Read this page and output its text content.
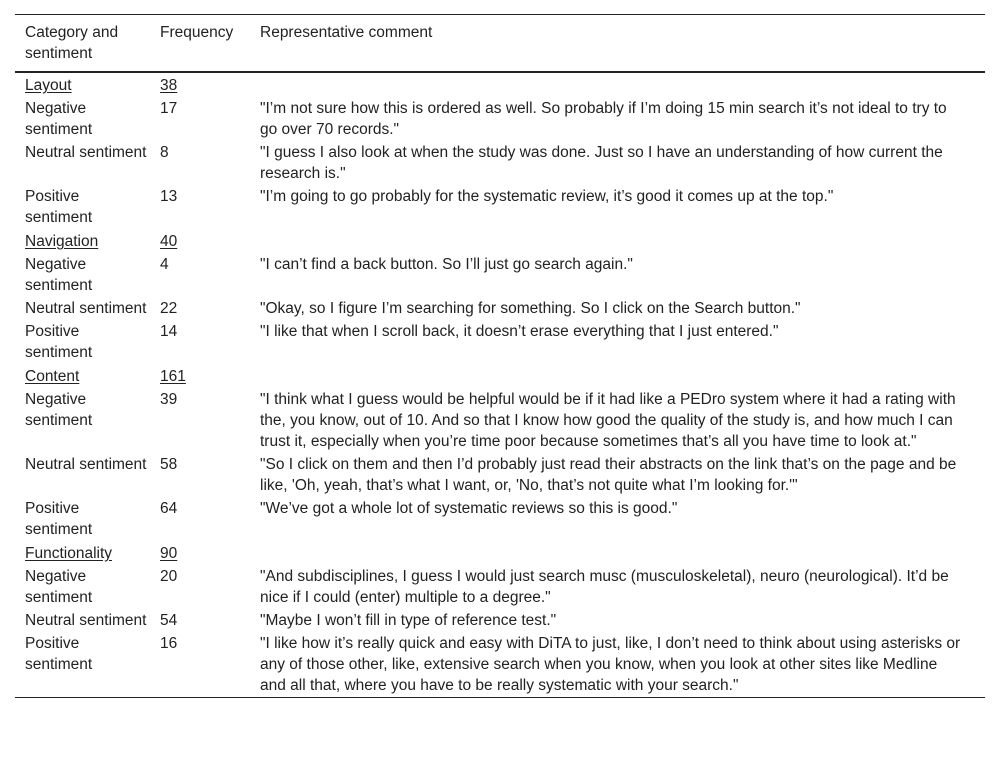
Category and sentiment	Frequency	Representative comment
Layout	38	
Negative sentiment	17	"I’m not sure how this is ordered as well. So probably if I’m doing 15 min search it’s not ideal to try to go over 70 records."
Neutral sentiment	8	"I guess I also look at when the study was done. Just so I have an understanding of how current the research is."
Positive sentiment	13	"I’m going to go probably for the systematic review, it’s good it comes up at the top."
Navigation	40	
Negative sentiment	4	"I can’t find a back button. So I’ll just go search again."
Neutral sentiment	22	"Okay, so I figure I’m searching for something. So I click on the Search button."
Positive sentiment	14	"I like that when I scroll back, it doesn’t erase everything that I just entered."
Content	161	
Negative sentiment	39	"I think what I guess would be helpful would be if it had like a PEDro system where it had a rating with the, you know, out of 10. And so that I know how good the quality of the study is, and how much I can trust it, especially when you’re time poor because sometimes that’s all you have time to look at."
Neutral sentiment	58	"So I click on them and then I’d probably just read their abstracts on the link that’s on the page and be like, 'Oh, yeah, that’s what I want, or, 'No, that’s not quite what I’m looking for.'"
Positive sentiment	64	"We’ve got a whole lot of systematic reviews so this is good."
Functionality	90	
Negative sentiment	20	"And subdisciplines, I guess I would just search musc (musculoskeletal), neuro (neurological). It’d be nice if I could (enter) multiple to a degree."
Neutral sentiment	54	"Maybe I won’t fill in type of reference test."
Positive sentiment	16	"I like how it’s really quick and easy with DiTA to just, like, I don’t need to think about using asterisks or any of those other, like, extensive search when you know, when you look at other sites like Medline and all that, where you have to be really systematic with your search."
